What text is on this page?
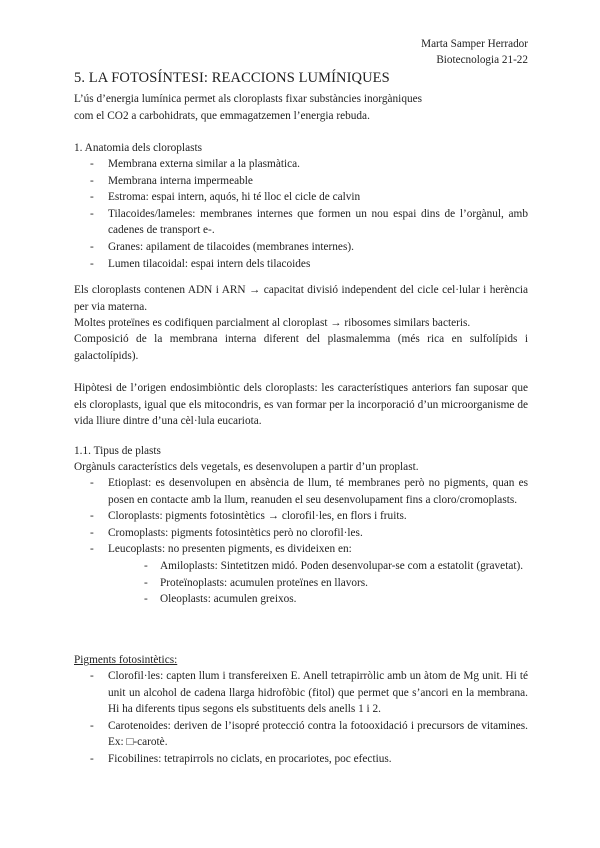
Marta Samper Herrador
Biotecnologia 21-22
5. LA FOTOSÍNTESI: REACCIONS LUMÍNIQUES
L’ús d’energia lumínica permet als cloroplasts fixar substàncies inorgàniques
com el CO2 a carbohidrats, que emmagatzemen l’energia rebuda.
1. Anatomia dels cloroplasts
- Membrana externa similar a la plasmàtica.
- Membrana interna impermeable
- Estroma: espai intern, aquós, hi té lloc el cicle de calvin
- Tilacoides/lameles: membranes internes que formen un nou espai dins de l’orgànul, amb cadenes de transport e-.
- Granes: apilament de tilacoides (membranes internes).
- Lumen tilacoidal: espai intern dels tilacoides
Els cloroplasts contenen ADN i ARN → capacitat divisió independent del cicle cel·lular i herència per via materna.
Moltes proteïnes es codifiquen parcialment al cloroplast → ribosomes similars bacteris.
Composició de la membrana interna diferent del plasmalemma (més rica en sulfolípids i galactolípids).
Hipòtesi de l’origen endosimbiòntic dels cloroplasts: les característiques anteriors fan suposar que els cloroplasts, igual que els mitocondris, es van formar per la incorporació d’un microorganisme de vida lliure dintre d’una cèl·lula eucariota.
1.1. Tipus de plasts
Orgànuls característics dels vegetals, es desenvolupen a partir d’un proplast.
- Etioplast: es desenvolupen en absència de llum, té membranes però no pigments, quan es posen en contacte amb la llum, reanuden el seu desenvolupament fins a cloro/cromoplasts.
- Cloroplasts: pigments fotosintètics → clorofil·les, en flors i fruits.
- Cromoplasts: pigments fotosintètics però no clorofil·les.
- Leucoplasts: no presenten pigments, es divideixen en:
- Amiloplasts: Sintetitzen midó. Poden desenvolupar-se com a estatolit (gravetat).
- Proteïnoplasts: acumulen proteïnes en llavors.
- Oleoplasts: acumulen greixos.
Pigments fotosintètics:
- Clorofil·les: capten llum i transfereixen E. Anell tetrapirròlic amb un àtom de Mg unit. Hi té unit un alcohol de cadena llarga hidrofòbic (fitol) que permet que s’ancori en la membrana. Hi ha diferents tipus segons els substituents dels anells 1 i 2.
- Carotenoides: deriven de l’isopré protecció contra la fotooxidació i precursors de vitamines. Ex: □-carotè.
- Ficobilines: tetrapirrols no ciclats, en procariotes, poc efectius.
